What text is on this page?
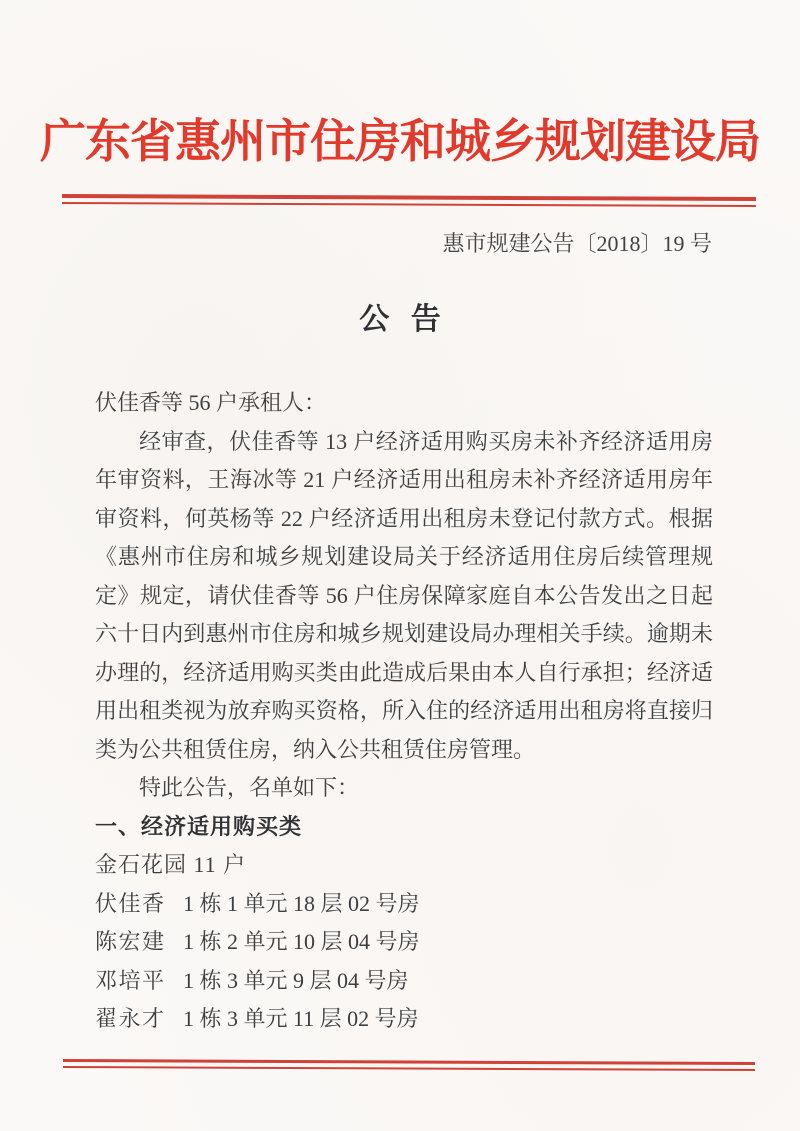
广东省惠州市住房和城乡规划建设局
惠市规建公告〔2018〕19 号
公 告

伏佳香等 56 户承租人：

经审查，伏佳香等 13 户经济适用购买房未补齐经济适用房年审资料，王海冰等 21 户经济适用出租房未补齐经济适用房年审资料，何英杨等 22 户经济适用出租房未登记付款方式。根据《惠州市住房和城乡规划建设局关于经济适用住房后续管理规定》规定，请伏佳香等 56 户住房保障家庭自本公告发出之日起六十日内到惠州市住房和城乡规划建设局办理相关手续。逾期未办理的，经济适用购买类由此造成后果由本人自行承担；经济适用出租类视为放弃购买资格，所入住的经济适用出租房将直接归类为公共租赁住房，纳入公共租赁住房管理。

特此公告，名单如下：

一、经济适用购买类

金石花园 11 户

伏佳香 1 栋 1 单元 18 层 02 号房
陈宏建 1 栋 2 单元 10 层 04 号房
邓培平 1 栋 3 单元 9 层 04 号房
翟永才 1 栋 3 单元 11 层 02 号房
